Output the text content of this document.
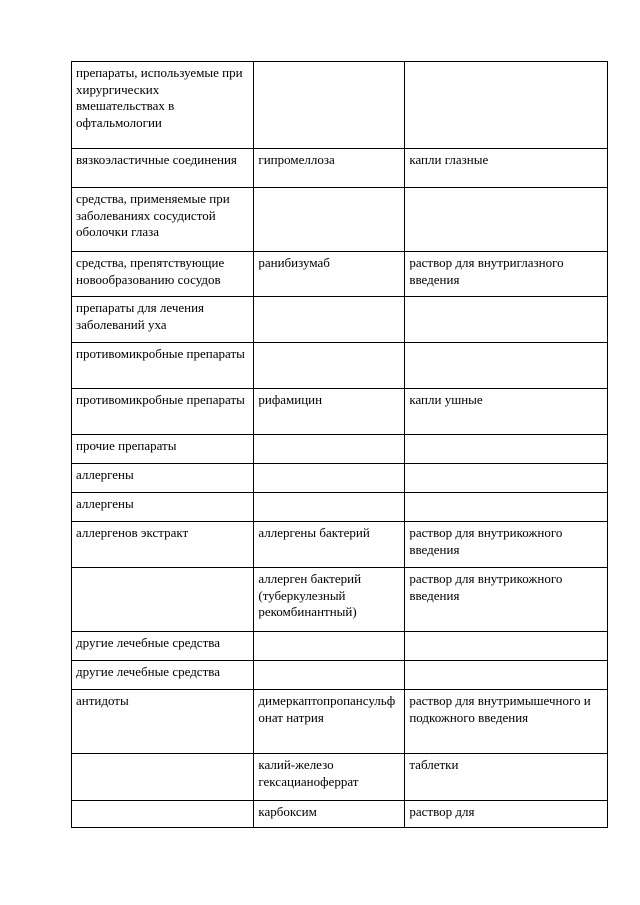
препараты, используемые при хирургических вмешательствах в офтальмологии		
вязкоэластичные соединения	гипромеллоза	капли глазные
средства, применяемые при заболеваниях сосудистой оболочки глаза		
средства, препятствующие новообразованию сосудов	ранибизумаб	раствор для внутриглазного введения
препараты для лечения заболеваний уха		
противомикробные препараты		
противомикробные препараты	рифамицин	капли ушные
прочие препараты		
аллергены		
аллергены		
аллергенов экстракт	аллергены бактерий	раствор для внутрикожного введения
	аллерген бактерий (туберкулезный рекомбинантный)	раствор для внутрикожного введения
другие лечебные средства		
другие лечебные средства		
антидоты	димеркаптопропансульфонат натрия	раствор для внутримышечного и подкожного введения
	калий-железо гексацианоферрат	таблетки
	карбоксим	раствор для
